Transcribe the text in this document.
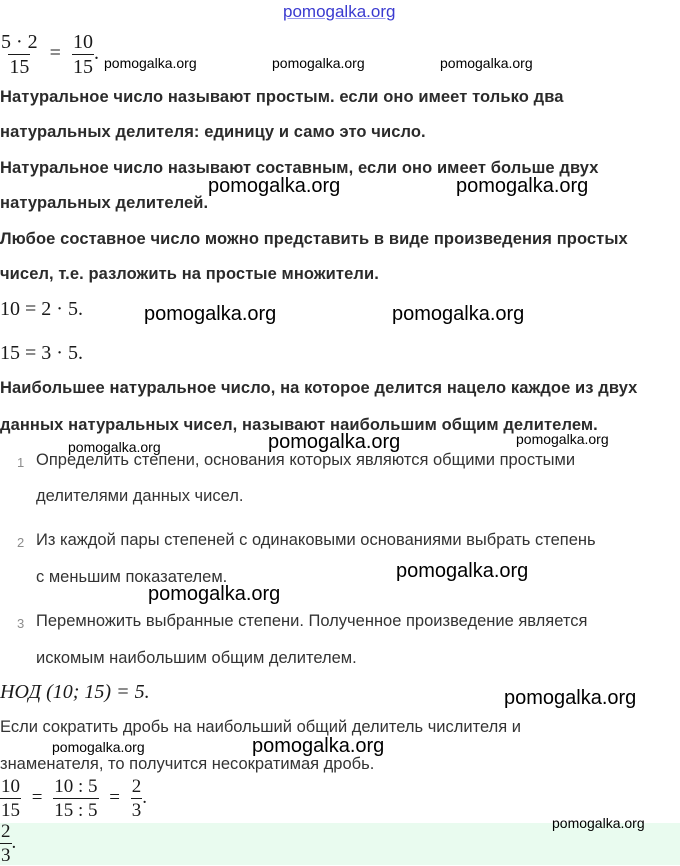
pomogalka.org
pomogalka.org	pomogalka.org	pomogalka.org
pomogalka.org	pomogalka.org
pomogalka.org	pomogalka.org
pomogalka.org	pomogalka.org	pomogalka.org
pomogalka.org
pomogalka.org
pomogalka.org
pomogalka.org	pomogalka.org
$\frac{5 \cdot 2}{15} = \frac{10}{15}$ .
Натуральное число называют простым. если оно имеет только два
натуральных делителя: единицу и само это число.
Натуральное число называют составным, если оно имеет больше двух
натуральных делителей.
Любое составное число можно представить в виде произведения простых
чисел, т.е. разложить на простые множители.
10 = 2 · 5.
15 = 3 · 5.
Наибольшее натуральное число, на которое делится нацело каждое из двух
данных натуральных чисел, называют наибольшим общим делителем.
1 Определить степени, основания которых являются общими простыми
делителями данных чисел.
2 Из каждой пары степеней с одинаковыми основаниями выбрать степень
с меньшим показателем.
3 Перемножить выбранные степени. Полученное произведение является
искомым наибольшим общим делителем.
НОД (10; 15) = 5.
Если сократить дробь на наибольший общий делитель числителя и
знаменателя, то получится несократимая дробь.
$\frac{10}{15} = \frac{10 : 5}{15 : 5} = \frac{2}{3}$ .
$\frac{2}{3}$ .
pomogalka.org
